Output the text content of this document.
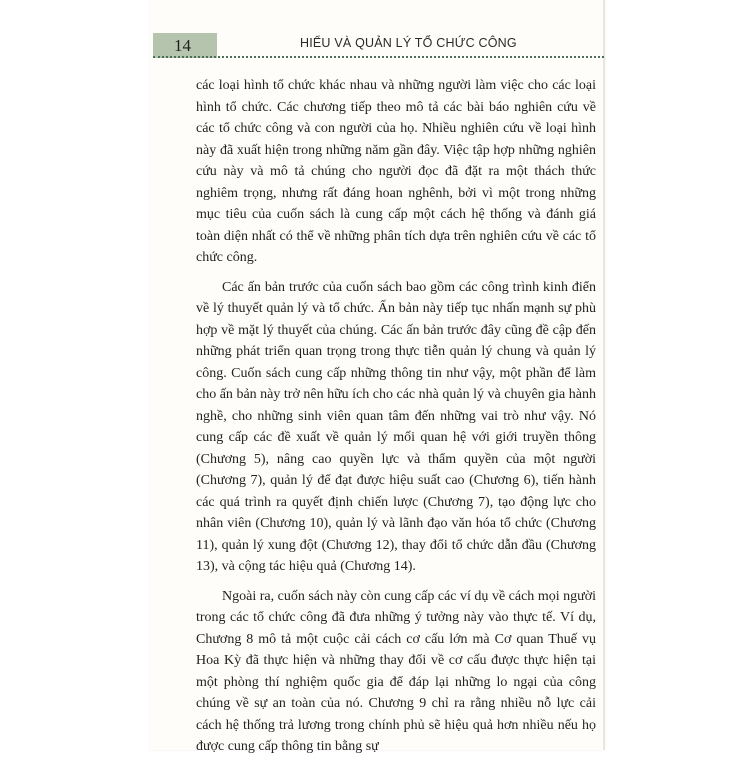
14	HIỂU VÀ QUẢN LÝ TỔ CHỨC CÔNG

các loại hình tổ chức khác nhau và những người làm việc cho các loại hình tổ chức. Các chương tiếp theo mô tả các bài báo nghiên cứu về các tổ chức công và con người của họ. Nhiều nghiên cứu về loại hình này đã xuất hiện trong những năm gần đây. Việc tập hợp những nghiên cứu này và mô tả chúng cho người đọc đã đặt ra một thách thức nghiêm trọng, nhưng rất đáng hoan nghênh, bởi vì một trong những mục tiêu của cuốn sách là cung cấp một cách hệ thống và đánh giá toàn diện nhất có thể về những phân tích dựa trên nghiên cứu về các tổ chức công.

Các ấn bản trước của cuốn sách bao gồm các công trình kinh điển về lý thuyết quản lý và tổ chức. Ấn bản này tiếp tục nhấn mạnh sự phù hợp về mặt lý thuyết của chúng. Các ấn bản trước đây cũng đề cập đến những phát triển quan trọng trong thực tiễn quản lý chung và quản lý công. Cuốn sách cung cấp những thông tin như vậy, một phần để làm cho ấn bản này trở nên hữu ích cho các nhà quản lý và chuyên gia hành nghề, cho những sinh viên quan tâm đến những vai trò như vậy. Nó cung cấp các đề xuất về quản lý mối quan hệ với giới truyền thông (Chương 5), nâng cao quyền lực và thẩm quyền của một người (Chương 7), quản lý để đạt được hiệu suất cao (Chương 6), tiến hành các quá trình ra quyết định chiến lược (Chương 7), tạo động lực cho nhân viên (Chương 10), quản lý và lãnh đạo văn hóa tổ chức (Chương 11), quản lý xung đột (Chương 12), thay đổi tổ chức dẫn đầu (Chương 13), và cộng tác hiệu quả (Chương 14).

Ngoài ra, cuốn sách này còn cung cấp các ví dụ về cách mọi người trong các tổ chức công đã đưa những ý tưởng này vào thực tế. Ví dụ, Chương 8 mô tả một cuộc cải cách cơ cấu lớn mà Cơ quan Thuế vụ Hoa Kỳ đã thực hiện và những thay đổi về cơ cấu được thực hiện tại một phòng thí nghiệm quốc gia để đáp lại những lo ngại của công chúng về sự an toàn của nó. Chương 9 chỉ ra rằng nhiều nỗ lực cải cách hệ thống trả lương trong chính phủ sẽ hiệu quả hơn nhiều nếu họ được cung cấp thông tin bằng sự
